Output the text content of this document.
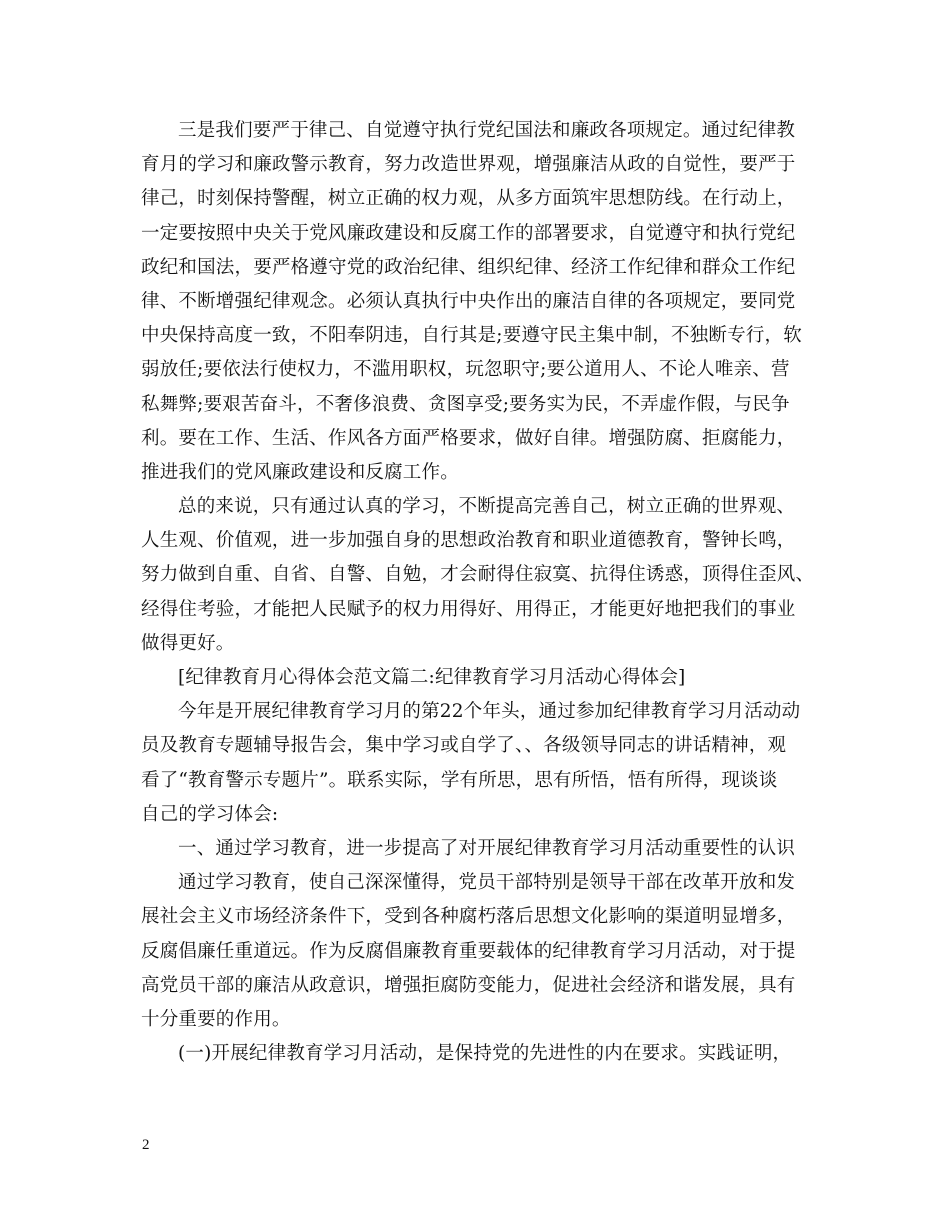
三是我们要严于律己、自觉遵守执行党纪国法和廉政各项规定。通过纪律教
育月的学习和廉政警示教育，努力改造世界观，增强廉洁从政的自觉性，要严于
律己，时刻保持警醒，树立正确的权力观，从多方面筑牢思想防线。在行动上，
一定要按照中央关于党风廉政建设和反腐工作的部署要求，自觉遵守和执行党纪
政纪和国法，要严格遵守党的政治纪律、组织纪律、经济工作纪律和群众工作纪
律、不断增强纪律观念。必须认真执行中央作出的廉洁自律的各项规定，要同党
中央保持高度一致，不阳奉阴违，自行其是;要遵守民主集中制，不独断专行，软
弱放任;要依法行使权力，不滥用职权，玩忽职守;要公道用人、不论人唯亲、营
私舞弊;要艰苦奋斗，不奢侈浪费、贪图享受;要务实为民，不弄虚作假，与民争
利。要在工作、生活、作风各方面严格要求，做好自律。增强防腐、拒腐能力，
推进我们的党风廉政建设和反腐工作。
总的来说，只有通过认真的学习，不断提高完善自己，树立正确的世界观、
人生观、价值观，进一步加强自身的思想政治教育和职业道德教育，警钟长鸣，
努力做到自重、自省、自警、自勉，才会耐得住寂寞、抗得住诱惑，顶得住歪风、
经得住考验，才能把人民赋予的权力用得好、用得正，才能更好地把我们的事业
做得更好。
[纪律教育月心得体会范文篇二:纪律教育学习月活动心得体会]
今年是开展纪律教育学习月的第22个年头，通过参加纪律教育学习月活动动
员及教育专题辅导报告会，集中学习或自学了、、各级领导同志的讲话精神，观
看了“教育警示专题片”。联系实际，学有所思，思有所悟，悟有所得，现谈谈
自己的学习体会:
一、通过学习教育，进一步提高了对开展纪律教育学习月活动重要性的认识
通过学习教育，使自己深深懂得，党员干部特别是领导干部在改革开放和发
展社会主义市场经济条件下，受到各种腐朽落后思想文化影响的渠道明显增多，
反腐倡廉任重道远。作为反腐倡廉教育重要载体的纪律教育学习月活动，对于提
高党员干部的廉洁从政意识，增强拒腐防变能力，促进社会经济和谐发展，具有
十分重要的作用。
(一)开展纪律教育学习月活动，是保持党的先进性的内在要求。实践证明，
2
